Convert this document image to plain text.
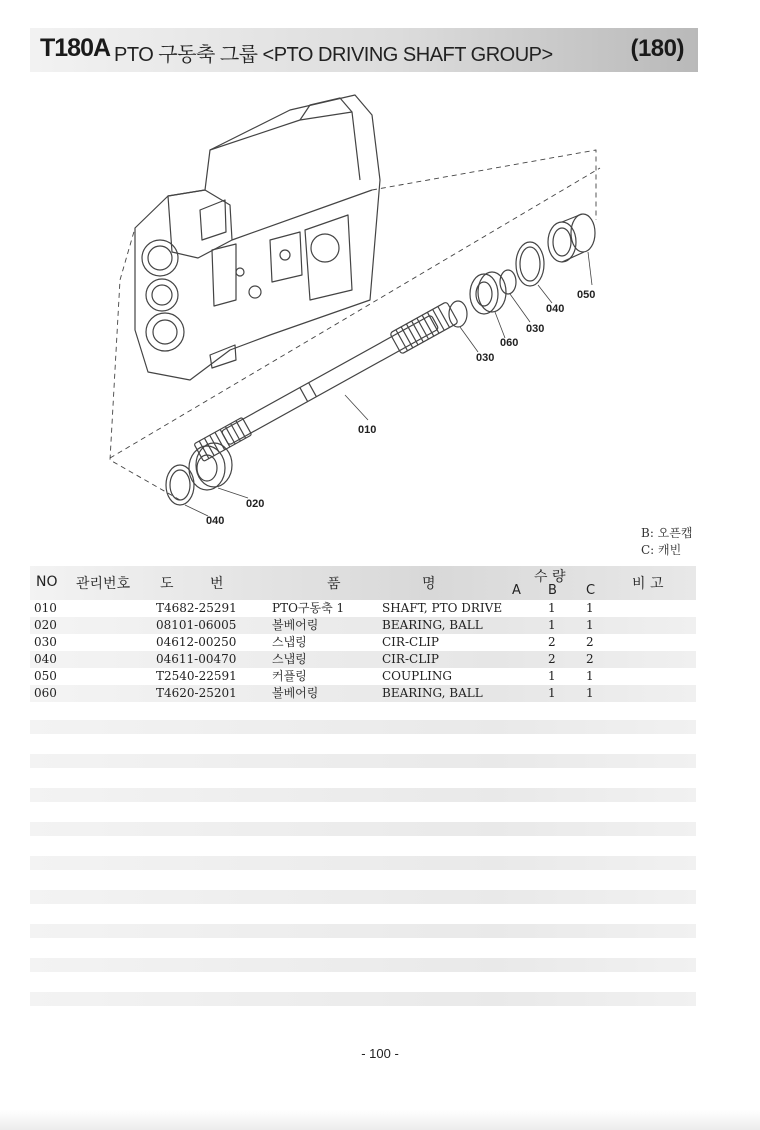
T180A PTO 구동축 그룹 <PTO DRIVING SHAFT GROUP>	(180)
010
020
030
030
040
040
050
060
B: 오픈캡
C: 캐빈
NO 관리번호 도	번	품	명	수 량
A B C	비 고
010	T4682-25291	PTO구동축 1	SHAFT, PTO DRIVE	1	1
020	08101-06005	볼베어링	BEARING, BALL	1	1
030	04612-00250	스냅링	CIR-CLIP	2	2
040	04611-00470	스냅링	CIR-CLIP	2	2
050	T2540-22591	커플링	COUPLING	1	1
060	T4620-25201	볼베어링	BEARING, BALL	1	1
- 100 -
